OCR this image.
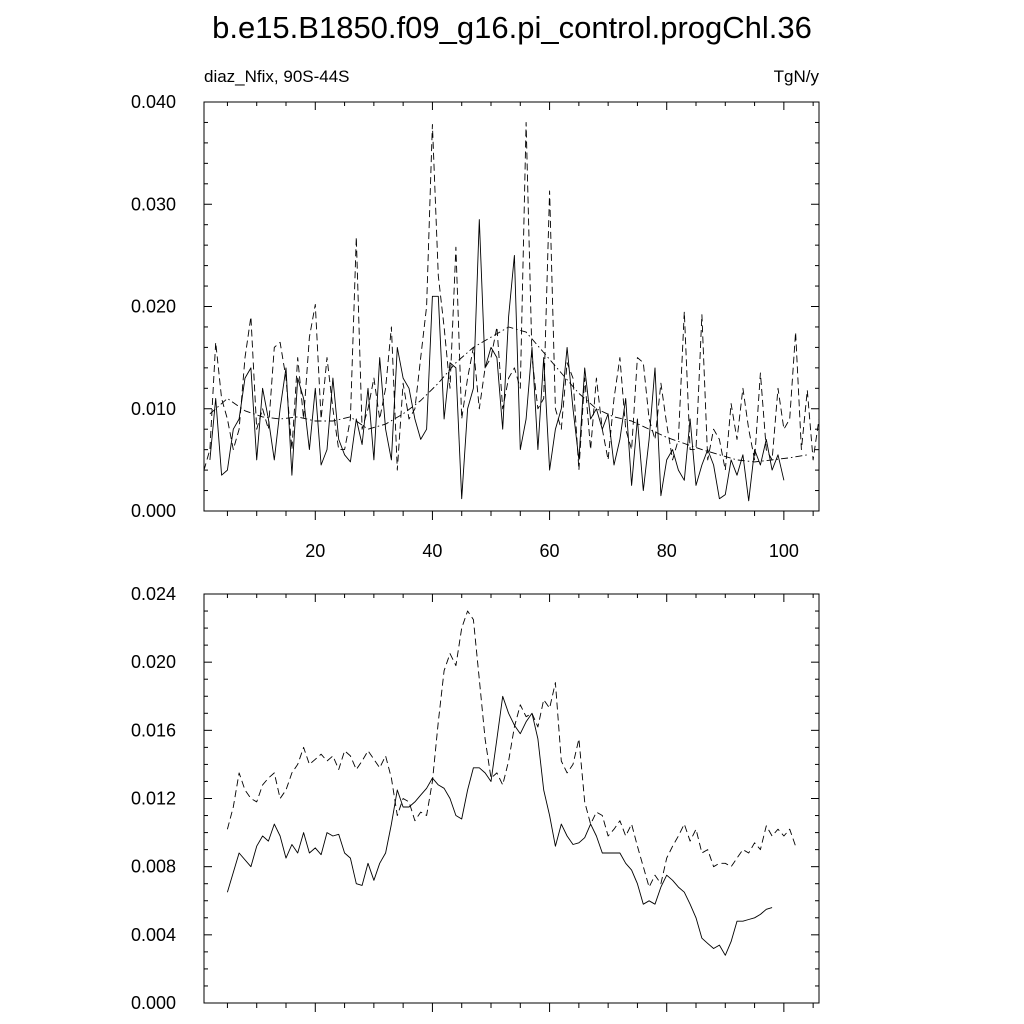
b.e15.B1850.f09_g16.pi_control.progChl.36
diaz_Nfix, 90S-44S	TgN/y
0.000
0.010
0.020
0.030
0.040
20	40	60	80	100
0.000
0.004
0.008
0.012
0.016
0.020
0.024
